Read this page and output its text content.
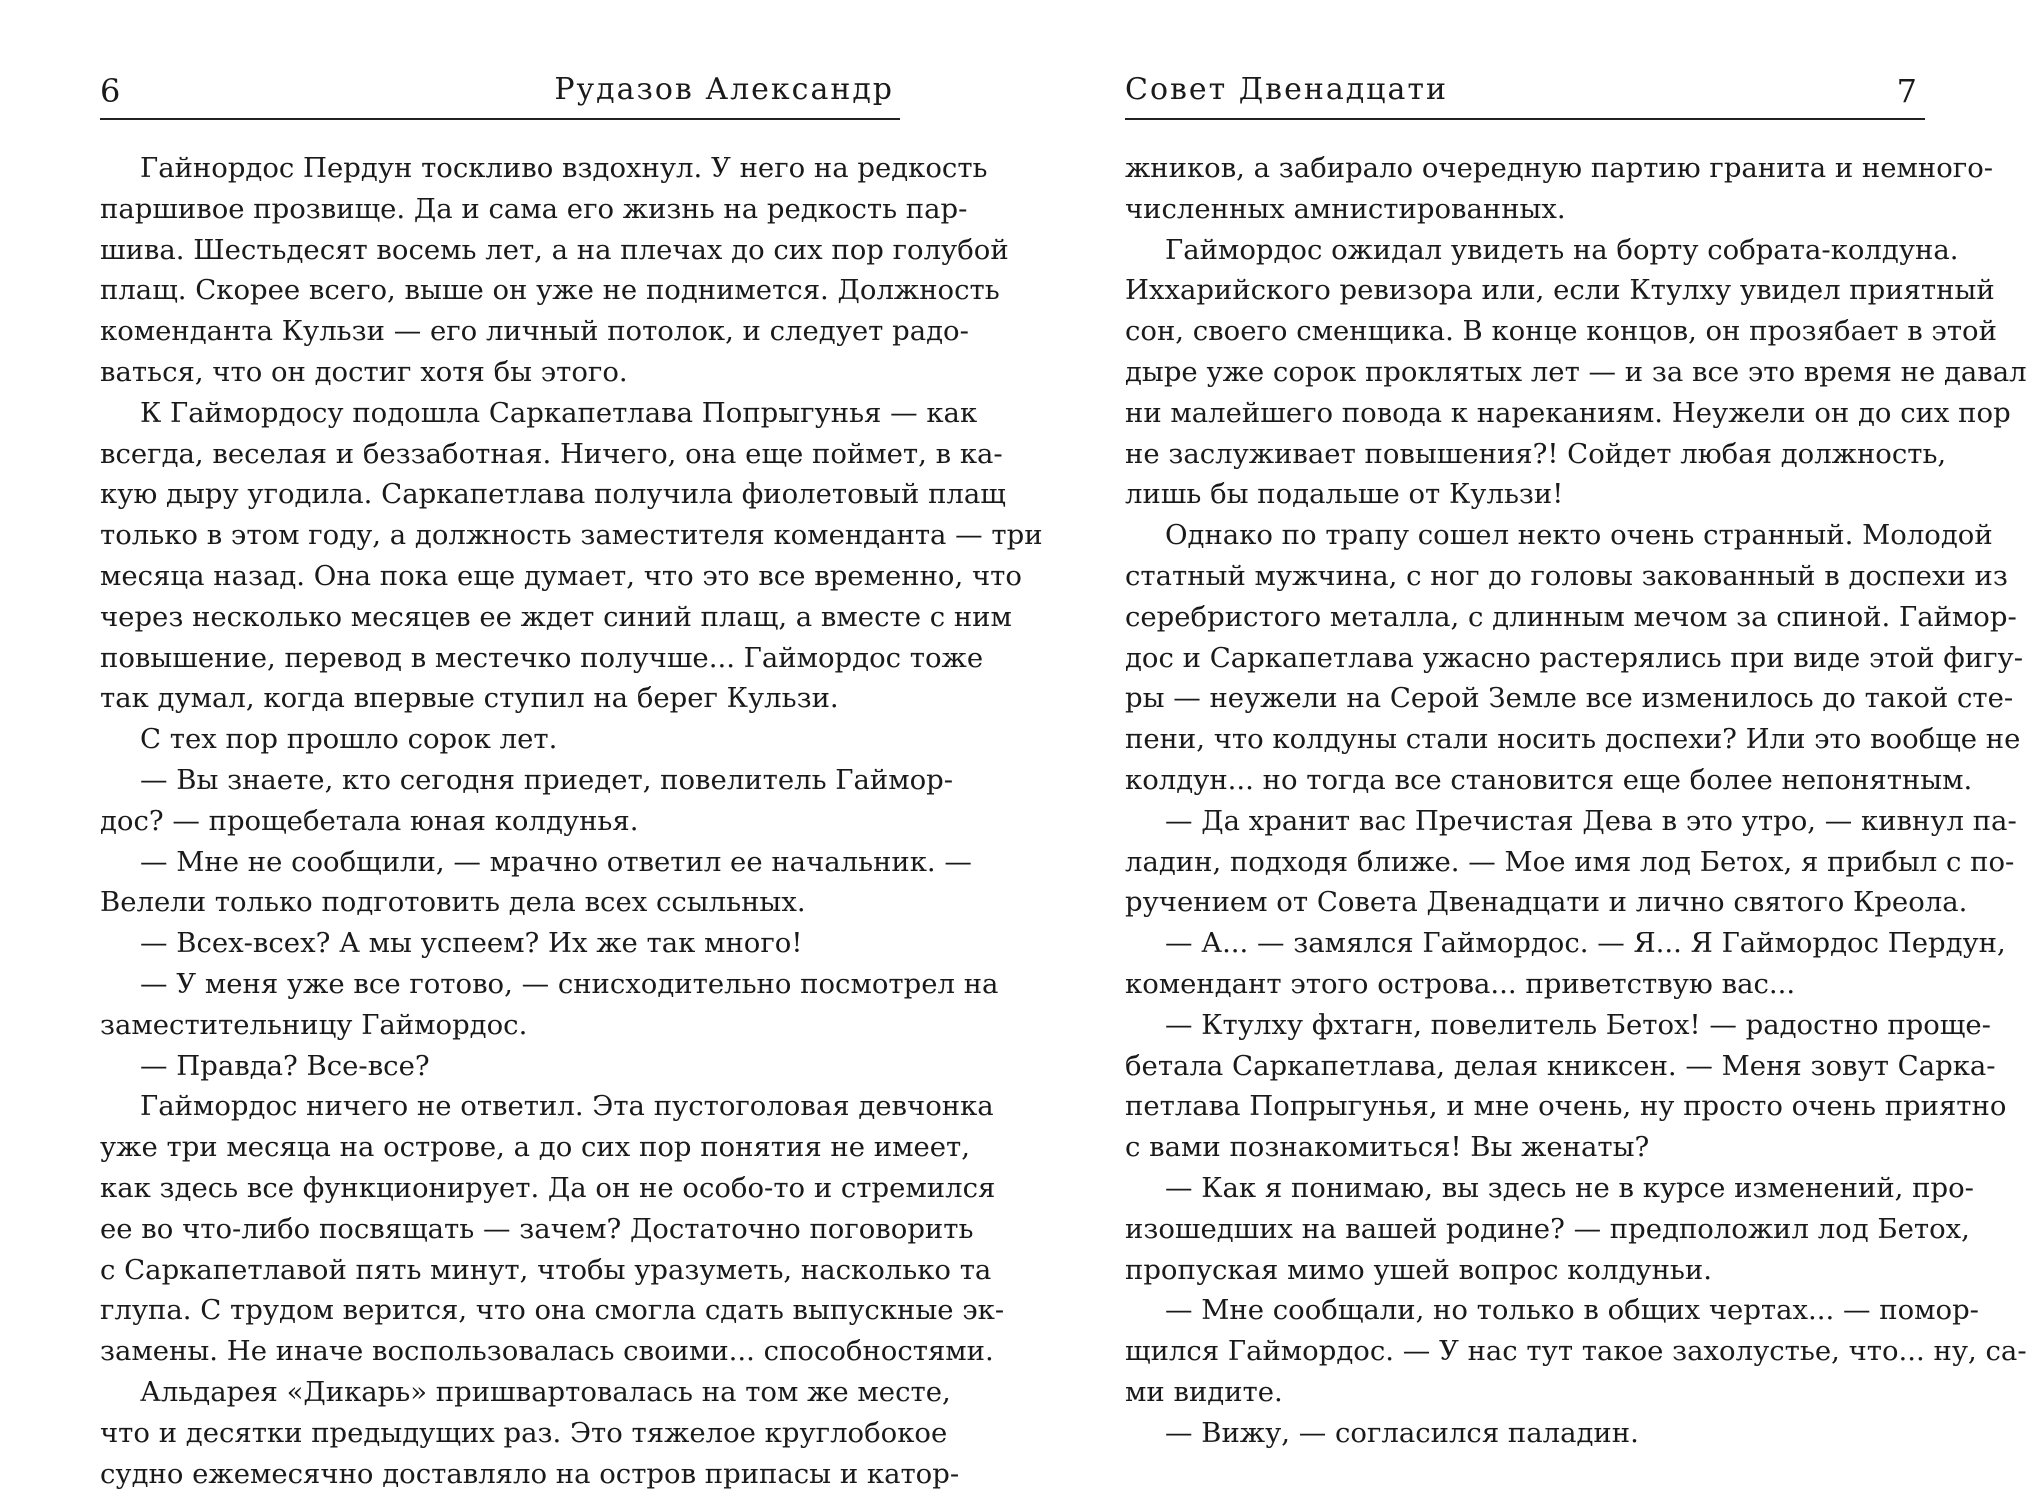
6	Рудазов Александр
Гайнордос Пердун тоскливо вздохнул. У него на редкость
паршивое прозвище. Да и сама его жизнь на редкость пар-
шива. Шестьдесят восемь лет, а на плечах до сих пор голубой
плащ. Скорее всего, выше он уже не поднимется. Должность
коменданта Кульзи — его личный потолок, и следует радо-
ваться, что он достиг хотя бы этого.
К Гаймордосу подошла Саркапетлава Попрыгунья — как
всегда, веселая и беззаботная. Ничего, она еще поймет, в ка-
кую дыру угодила. Саркапетлава получила фиолетовый плащ
только в этом году, а должность заместителя коменданта — три
месяца назад. Она пока еще думает, что это все временно, что
через несколько месяцев ее ждет синий плащ, а вместе с ним
повышение, перевод в местечко получше... Гаймордос тоже
так думал, когда впервые ступил на берег Кульзи.
С тех пор прошло сорок лет.
— Вы знаете, кто сегодня приедет, повелитель Гаймор-
дос? — прощебетала юная колдунья.
— Мне не сообщили, — мрачно ответил ее начальник. —
Велели только подготовить дела всех ссыльных.
— Всех-всех? А мы успеем? Их же так много!
— У меня уже все готово, — снисходительно посмотрел на
заместительницу Гаймордос.
— Правда? Все-все?
Гаймордос ничего не ответил. Эта пустоголовая девчонка
уже три месяца на острове, а до сих пор понятия не имеет,
как здесь все функционирует. Да он не особо-то и стремился
ее во что-либо посвящать — зачем? Достаточно поговорить
с Саркапетлавой пять минут, чтобы уразуметь, насколько та
глупа. С трудом верится, что она смогла сдать выпускные эк-
замены. Не иначе воспользовалась своими... способностями.
Альдарея «Дикарь» пришвартовалась на том же месте,
что и десятки предыдущих раз. Это тяжелое круглобокое
судно ежемесячно доставляло на остров припасы и катор-
Совет Двенадцати	7
жников, а забирало очередную партию гранита и немного-
численных амнистированных.
Гаймордос ожидал увидеть на борту собрата-колдуна.
Иххарийского ревизора или, если Ктулху увидел приятный
сон, своего сменщика. В конце концов, он прозябает в этой
дыре уже сорок проклятых лет — и за все это время не давал
ни малейшего повода к нареканиям. Неужели он до сих пор
не заслуживает повышения?! Сойдет любая должность,
лишь бы подальше от Кульзи!
Однако по трапу сошел некто очень странный. Молодой
статный мужчина, с ног до головы закованный в доспехи из
серебристого металла, с длинным мечом за спиной. Гаймор-
дос и Саркапетлава ужасно растерялись при виде этой фигу-
ры — неужели на Серой Земле все изменилось до такой сте-
пени, что колдуны стали носить доспехи? Или это вообще не
колдун... но тогда все становится еще более непонятным.
— Да хранит вас Пречистая Дева в это утро, — кивнул па-
ладин, подходя ближе. — Мое имя лод Бетох, я прибыл с по-
ручением от Совета Двенадцати и лично святого Креола.
— А... — замялся Гаймордос. — Я... Я Гаймордос Пердун,
комендант этого острова... приветствую вас...
— Ктулху фхтагн, повелитель Бетох! — радостно проще-
бетала Саркапетлава, делая книксен. — Меня зовут Сарка-
петлава Попрыгунья, и мне очень, ну просто очень приятно
с вами познакомиться! Вы женаты?
— Как я понимаю, вы здесь не в курсе изменений, про-
изошедших на вашей родине? — предположил лод Бетох,
пропуская мимо ушей вопрос колдуньи.
— Мне сообщали, но только в общих чертах... — помор-
щился Гаймордос. — У нас тут такое захолустье, что... ну, са-
ми видите.
— Вижу, — согласился паладин.
